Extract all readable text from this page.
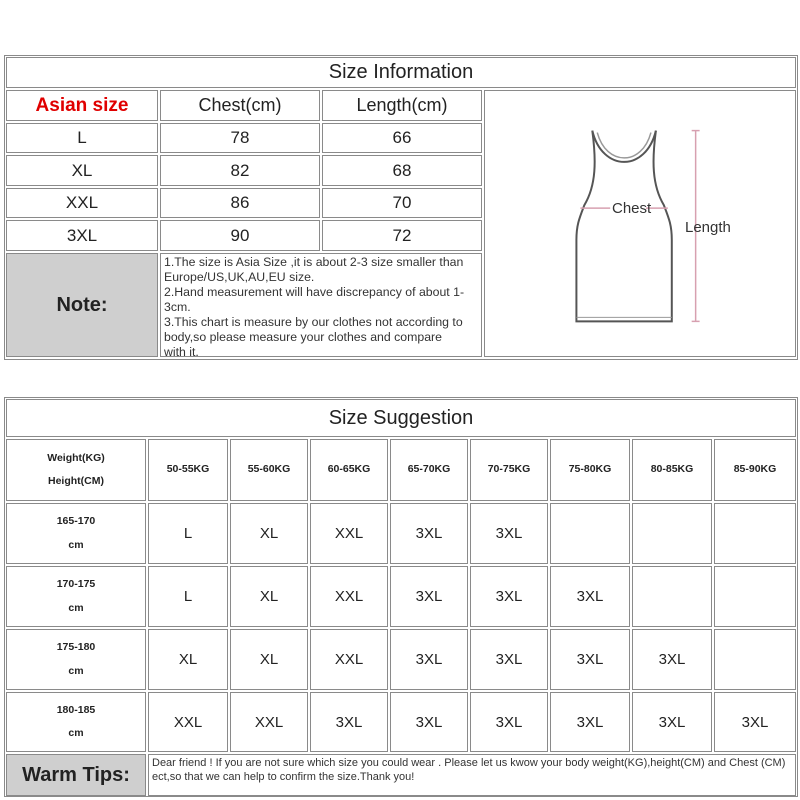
Size Information
Asian size	Chest(cm)	Length(cm)
L	78	66
XL	82	68
XXL	86	70
3XL	90	72
Note:
1.The size is Asia Size ,it is about 2-3 size smaller than
Europe/US,UK,AU,EU size.
2.Hand measurement will have discrepancy of about 1-
3cm.
3.This chart is measure by our clothes not according to
body,so please measure your clothes and compare
with it.
Chest
Length
Size Suggestion
Weight(KG)
Height(CM)
50-55KG	55-60KG	60-65KG	65-70KG	70-75KG	75-80KG	80-85KG	85-90KG
165-170
cm
L	XL	XXL	3XL	3XL
170-175
cm
L	XL	XXL	3XL	3XL	3XL
175-180
cm
XL	XL	XXL	3XL	3XL	3XL	3XL
180-185
cm
XXL	XXL	3XL	3XL	3XL	3XL	3XL	3XL
Warm Tips:
Dear friend ! If you are not sure which size you could wear . Please let us kwow your body weight(KG),height(CM) and Chest (CM)
ect,so that we can help to confirm the size.Thank you!
